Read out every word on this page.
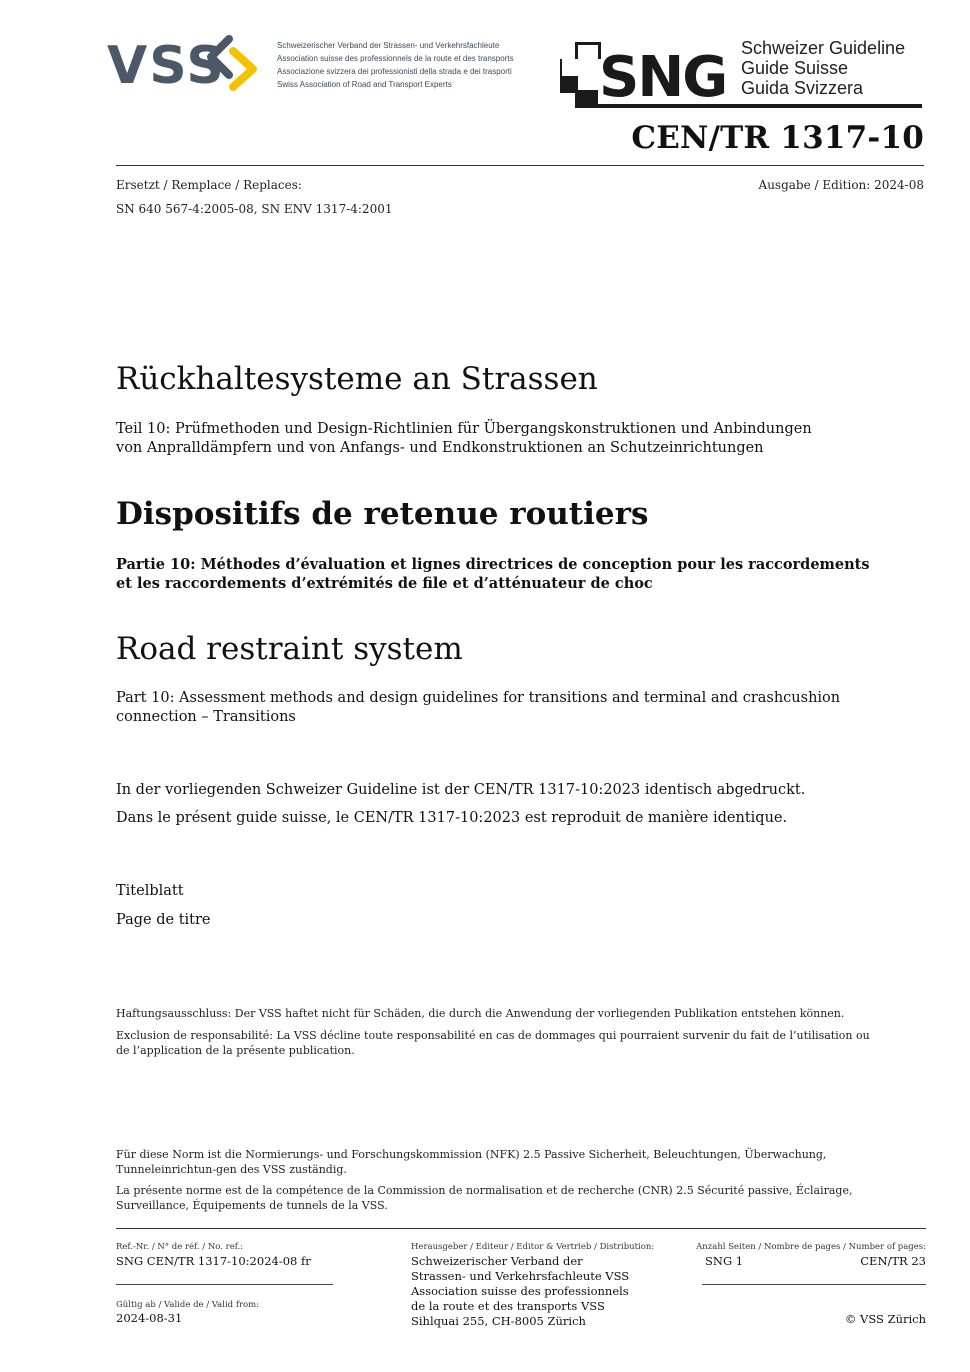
VSS	Schweizerischer Verband der Strassen- und Verkehrsfachleute
Association suisse des professionnels de la route et des transports
Associazione svizzera dei professionisti della strada e dei trasporti
Swiss Association of Road and Transport Experts	SNG Schweizer Guideline
Guide Suisse
Guida Svizzera
CEN/TR 1317-10
Ersetzt / Remplace / Replaces:
SN 640 567-4:2005-08, SN ENV 1317-4:2001
Ausgabe / Edition: 2024-08
Rückhaltesysteme an Strassen
Teil 10: Prüfmethoden und Design-Richtlinien für Übergangskonstruktionen und Anbindungen
von Anpralldämpfern und von Anfangs- und Endkonstruktionen an Schutzeinrichtungen
Dispositifs de retenue routiers
Partie 10: Méthodes d’évaluation et lignes directrices de conception pour les raccordements
et les raccordements d’extrémités de file et d’atténuateur de choc
Road restraint system
Part 10: Assessment methods and design guidelines for transitions and terminal and crashcushion connection – Transitions
In der vorliegenden Schweizer Guideline ist der CEN/TR 1317-10:2023 identisch abgedruckt.
Dans le présent guide suisse, le CEN/TR 1317-10:2023 est reproduit de manière identique.
Titelblatt
Page de titre
Haftungsausschluss: Der VSS haftet nicht für Schäden, die durch die Anwendung der vorliegenden Publikation entstehen können.
Exclusion de responsabilité: La VSS décline toute responsabilité en cas de dommages qui pourraient survenir du fait de l’utilisation ou de l’application de la présente publication.
Für diese Norm ist die Normierungs- und Forschungskommission (NFK) 2.5 Passive Sicherheit, Beleuchtungen, Überwachung, Tunneleinrichtun-gen des VSS zuständig.
La présente norme est de la compétence de la Commission de normalisation et de recherche (CNR) 2.5 Sécurité passive, Éclairage, Surveillance, Équipements de tunnels de la VSS.
Ref.-Nr. / N° de réf. / No. ref.:
SNG CEN/TR 1317-10:2024-08 fr
Gültig ab / Valide de / Valid from:
2024-08-31
Herausgeber / Editeur / Editor & Vertrieb / Distribution:
Schweizerischer Verband der
Strassen- und Verkehrsfachleute VSS
Association suisse des professionnels
de la route et des transports VSS
Sihlquai 255, CH-8005 Zürich
Anzahl Seiten / Nombre de pages / Number of pages:
SNG 1	CEN/TR 23
© VSS Zürich
